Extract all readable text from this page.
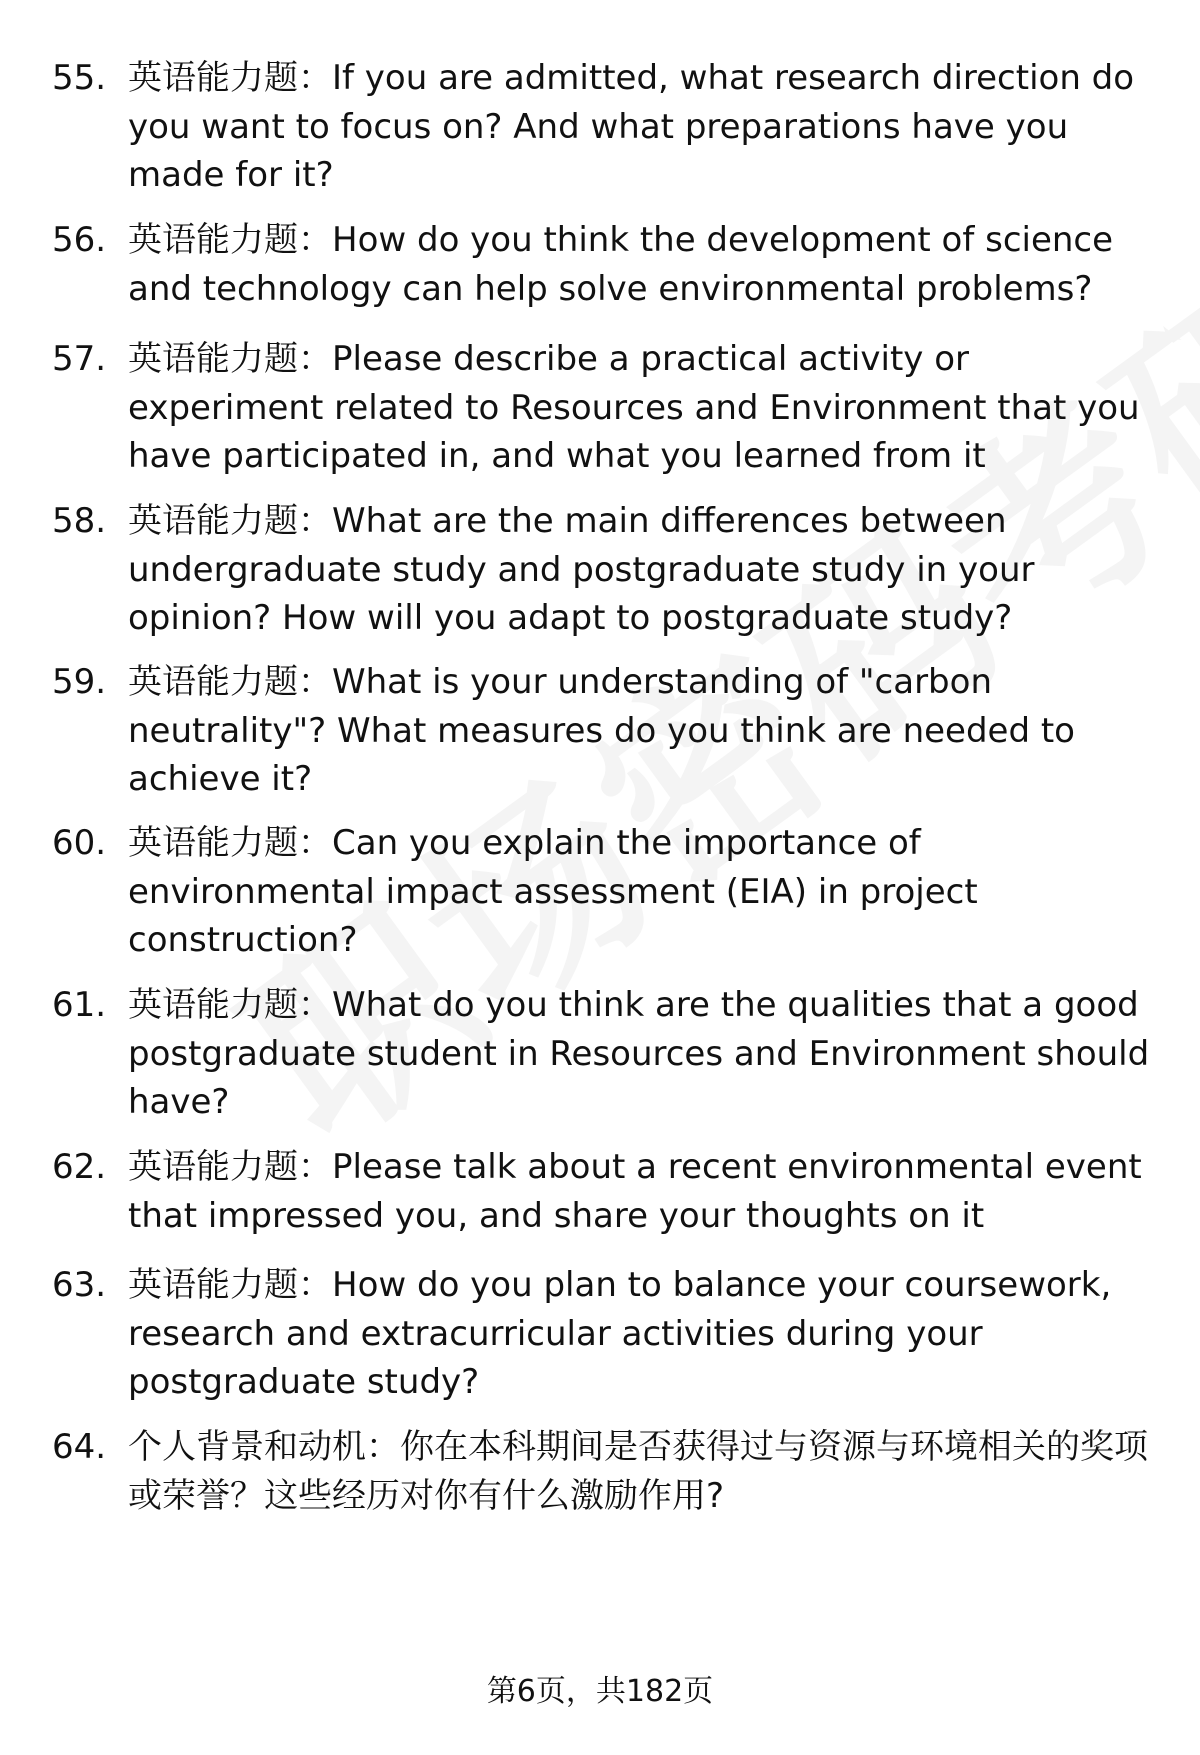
55. 英语能力题：If you are admitted, what research direction do you want to focus on? And what preparations have you made for it?
56. 英语能力题：How do you think the development of science and technology can help solve environmental problems?
57. 英语能力题：Please describe a practical activity or experiment related to Resources and Environment that you have participated in, and what you learned from it
58. 英语能力题：What are the main differences between undergraduate study and postgraduate study in your opinion? How will you adapt to postgraduate study?
59. 英语能力题：What is your understanding of "carbon neutrality"? What measures do you think are needed to achieve it?
60. 英语能力题：Can you explain the importance of environmental impact assessment (EIA) in project construction?
61. 英语能力题：What do you think are the qualities that a good postgraduate student in Resources and Environment should have?
62. 英语能力题：Please talk about a recent environmental event that impressed you, and share your thoughts on it
63. 英语能力题：How do you plan to balance your coursework, research and extracurricular activities during your postgraduate study?
64. 个人背景和动机：你在本科期间是否获得过与资源与环境相关的奖项或荣誉？这些经历对你有什么激励作用?
第6页，共182页
